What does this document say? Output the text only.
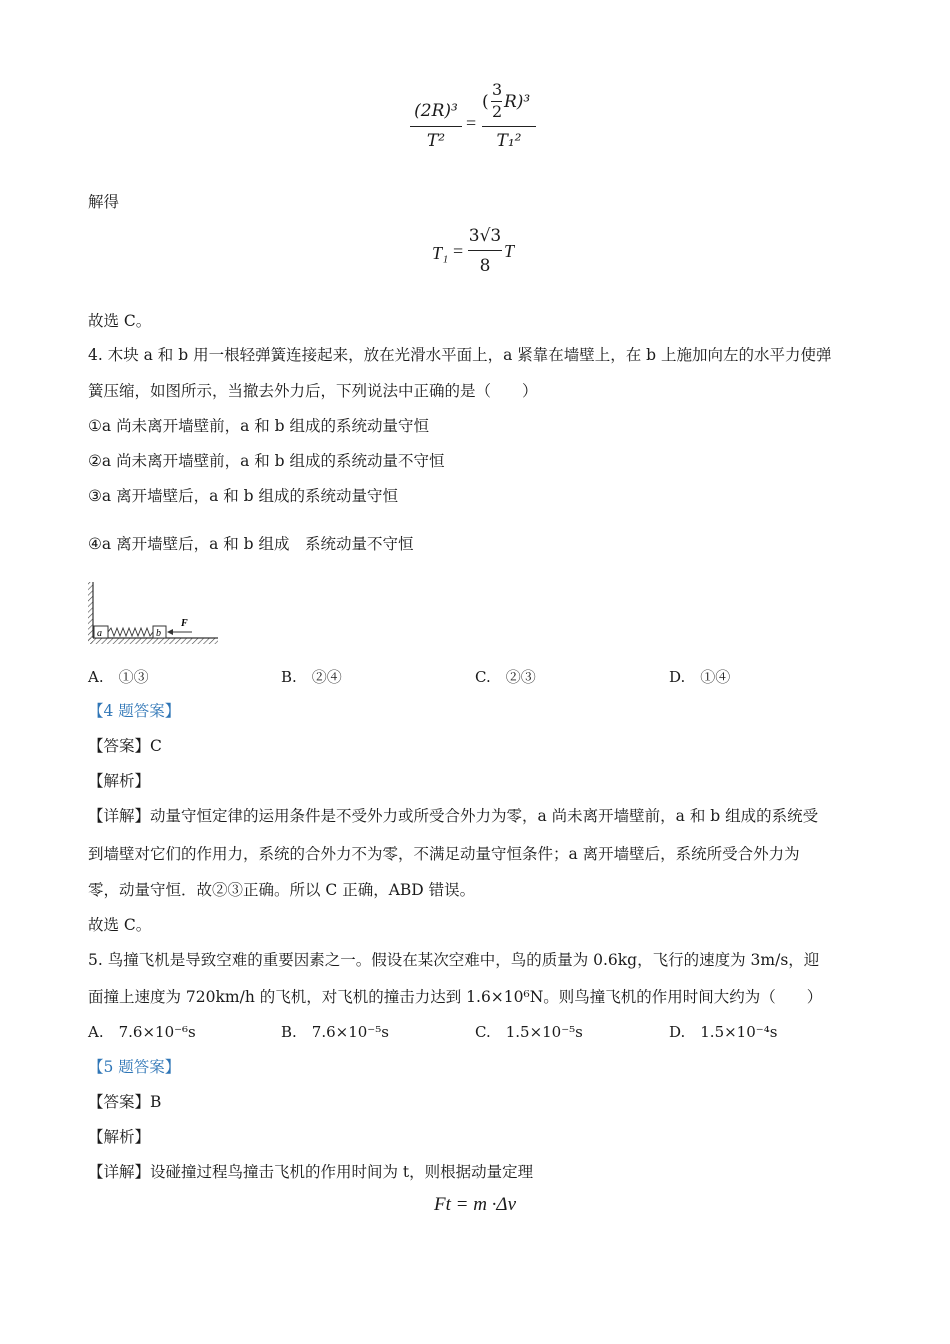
(2R)³
T²
=
(
3
2 R)³
T₁²
解得
T₁ =
3√3
8
T
故选 C。
4. 木块 a 和 b 用一根轻弹簧连接起来，放在光滑水平面上，a 紧靠在墙壁上，在 b 上施加向左的水平力使弹
簧压缩，如图所示，当撤去外力后，下列说法中正确的是（　　）
①a 尚未离开墙壁前，a 和 b 组成的系统动量守恒
②a 尚未离开墙壁前，a 和 b 组成的系统动量不守恒
③a 离开墙壁后，a 和 b 组成的系统动量守恒
④a 离开墙壁后，a 和 b 组成　系统动量不守恒
a	b
F
A.　①③	B.　②④	C.　②③	D.　①④
【4 题答案】
【答案】C
【解析】
【详解】动量守恒定律的运用条件是不受外力或所受合外力为零，a 尚未离开墙壁前，a 和 b 组成的系统受
到墙壁对它们的作用力，系统的合外力不为零，不满足动量守恒条件；a 离开墙壁后，系统所受合外力为
零，动量守恒．故②③正确。所以 C 正确，ABD 错误。
故选 C。
5. 鸟撞飞机是导致空难的重要因素之一。假设在某次空难中，鸟的质量为 0.6kg，飞行的速度为 3m/s，迎
面撞上速度为 720km/h 的飞机，对飞机的撞击力达到 1.6×10⁶N。则鸟撞飞机的作用时间大约为（　　）
A.　7.6×10⁻⁶s	B.　7.6×10⁻⁵s	C.　1.5×10⁻⁵s	D.　1.5×10⁻⁴s
【5 题答案】
【答案】B
【解析】
【详解】设碰撞过程鸟撞击飞机的作用时间为 t，则根据动量定理
Ft = m ·Δv
